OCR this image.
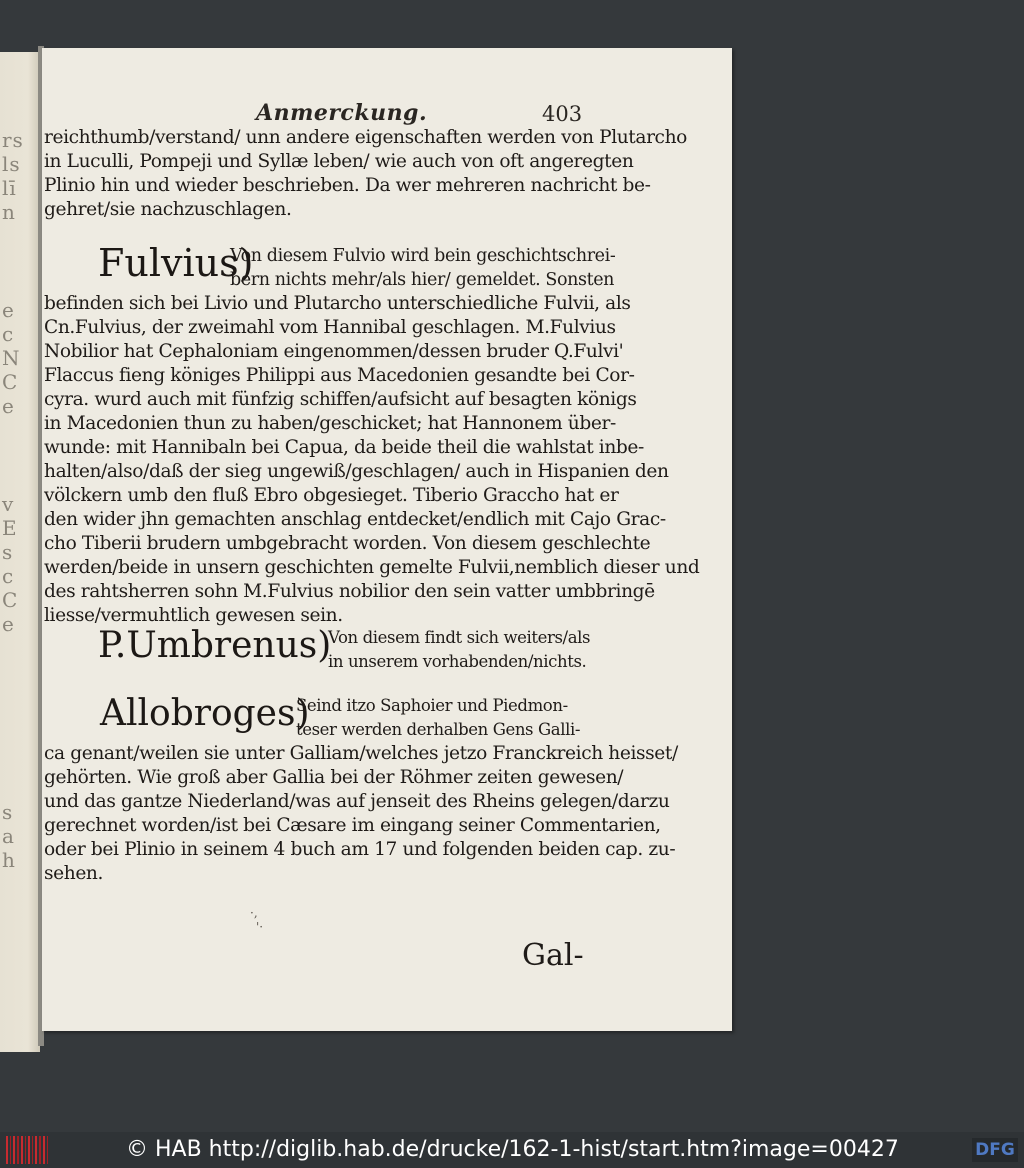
rs
ls
lī
n
e
c
N
C
e
v
E
s
c
C
e
s
a
h
Anmerckung.	403
reichthumb/verstand/ unn andere eigenschaften werden von Plutarcho
in Luculli, Pompeji und Syllæ leben/ wie auch von oft angeregten
Plinio hin und wieder beschrieben. Da wer mehreren nachricht be-
gehret/sie nachzuschlagen.
Fulvius)
Von diesem Fulvio wird bein geschichtschrei-
bern nichts mehr/als hier/ gemeldet. Sonsten
befinden sich bei Livio und Plutarcho unterschiedliche Fulvii, als
Cn.Fulvius, der zweimahl vom Hannibal geschlagen. M.Fulvius
Nobilior hat Cephaloniam eingenommen/dessen bruder Q.Fulvi'
Flaccus fieng königes Philippi aus Macedonien gesandte bei Cor-
cyra. wurd auch mit fünfzig schiffen/aufsicht auf besagten königs
in Macedonien thun zu haben/geschicket; hat Hannonem über-
wunde: mit Hannibaln bei Capua, da beide theil die wahlstat inbe-
halten/also/daß der sieg ungewiß/geschlagen/ auch in Hispanien den
völckern umb den fluß Ebro obgesieget. Tiberio Graccho hat er
den wider jhn gemachten anschlag entdecket/endlich mit Cajo Grac-
cho Tiberii brudern umbgebracht worden. Von diesem geschlechte
werden/beide in unsern geschichten gemelte Fulvii,nemblich dieser und
des rahtsherren sohn M.Fulvius nobilior den sein vatter umbbringē
liesse/vermuhtlich gewesen sein.
P.Umbrenus)
Von diesem findt sich weiters/als
in unserem vorhabenden/nichts.
Allobroges)
Seind itzo Saphoier und Piedmon-
teser werden derhalben Gens Galli-
ca genant/weilen sie unter Galliam/welches jetzo Franckreich heisset/
gehörten. Wie groß aber Gallia bei der Röhmer zeiten gewesen/
und das gantze Niederland/was auf jenseit des Rheins gelegen/darzu
gerechnet worden/ist bei Cæsare im eingang seiner Commentarien,
oder bei Plinio in seinem 4 buch am 17 und folgenden beiden cap. zu-
sehen.
Gal-
·,
'·
© HAB http://diglib.hab.de/drucke/162-1-hist/start.htm?image=00427	DFG
